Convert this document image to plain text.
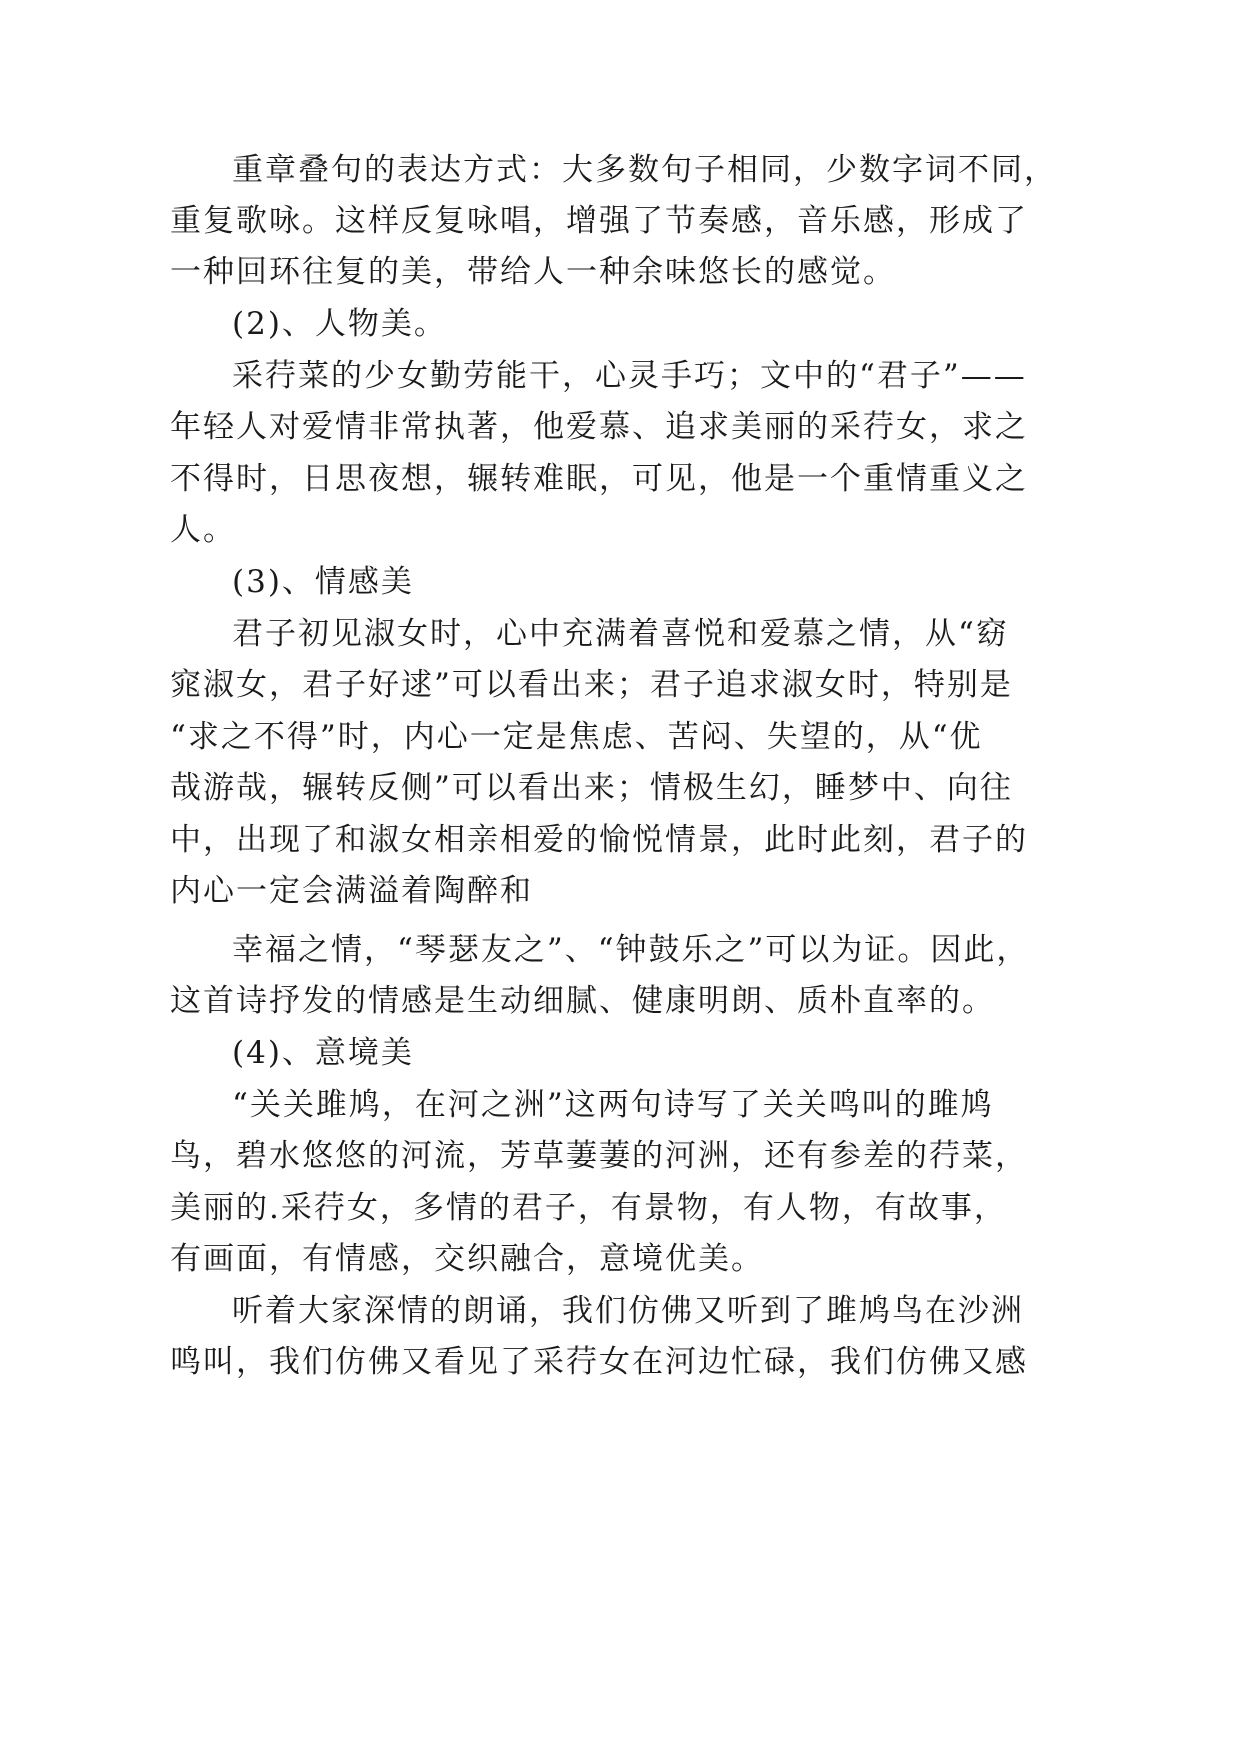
重章叠句的表达方式：大多数句子相同，少数字词不同，
重复歌咏。这样反复咏唱，增强了节奏感，音乐感，形成了
一种回环往复的美，带给人一种余味悠长的感觉。
(2)、人物美。
采荇菜的少女勤劳能干，心灵手巧；文中的“君子”——
年轻人对爱情非常执著，他爱慕、追求美丽的采荇女，求之
不得时，日思夜想，辗转难眠，可见，他是一个重情重义之
人。
(3)、情感美
君子初见淑女时，心中充满着喜悦和爱慕之情，从“窈
窕淑女，君子好逑”可以看出来；君子追求淑女时，特别是
“求之不得”时，内心一定是焦虑、苦闷、失望的，从“优
哉游哉，辗转反侧”可以看出来；情极生幻，睡梦中、向往
中，出现了和淑女相亲相爱的愉悦情景，此时此刻，君子的
内心一定会满溢着陶醉和
幸福之情，“琴瑟友之”、“钟鼓乐之”可以为证。因此，
这首诗抒发的情感是生动细腻、健康明朗、质朴直率的。
(4)、意境美
“关关雎鸠，在河之洲”这两句诗写了关关鸣叫的雎鸠
鸟，碧水悠悠的河流，芳草萋萋的河洲，还有参差的荇菜，
美丽的.采荇女，多情的君子，有景物，有人物，有故事，
有画面，有情感，交织融合，意境优美。
听着大家深情的朗诵，我们仿佛又听到了雎鸠鸟在沙洲
鸣叫，我们仿佛又看见了采荇女在河边忙碌，我们仿佛又感
